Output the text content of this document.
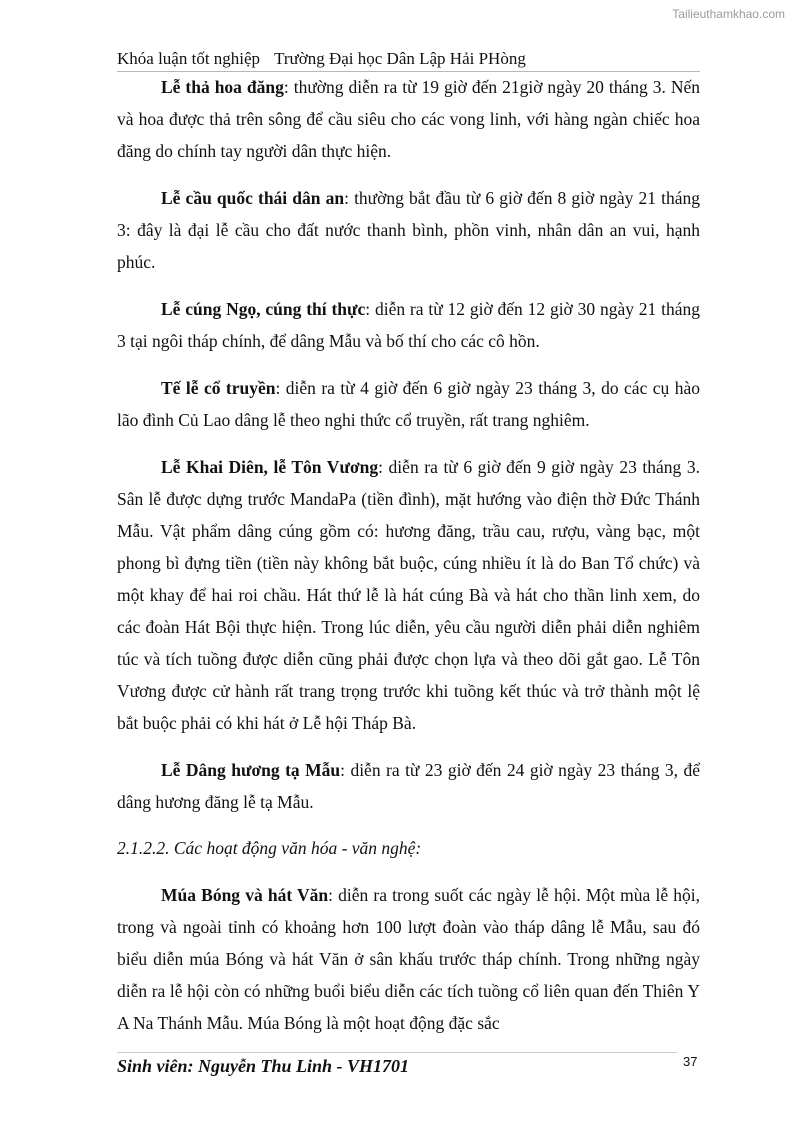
Tailieuthamkhao.com
Khóa luận tốt nghiệp Trường Đại học Dân Lập Hải PHòng

Lễ thả hoa đăng: thường diễn ra từ 19 giờ đến 21giờ ngày 20 tháng 3. Nến và hoa được thả trên sông để cầu siêu cho các vong linh, với hàng ngàn chiếc hoa đăng do chính tay người dân thực hiện.

Lễ cầu quốc thái dân an: thường bắt đầu từ 6 giờ đến 8 giờ ngày 21 tháng 3: đây là đại lễ cầu cho đất nước thanh bình, phồn vinh, nhân dân an vui, hạnh phúc.

Lễ cúng Ngọ, cúng thí thực: diễn ra từ 12 giờ đến 12 giờ 30 ngày 21 tháng 3 tại ngôi tháp chính, để dâng Mẫu và bố thí cho các cô hồn.

Tế lễ cổ truyền: diễn ra từ 4 giờ đến 6 giờ ngày 23 tháng 3, do các cụ hào lão đình Củ Lao dâng lễ theo nghi thức cổ truyền, rất trang nghiêm.

Lễ Khai Diên, lễ Tôn Vương: diễn ra từ 6 giờ đến 9 giờ ngày 23 tháng 3. Sân lễ được dựng trước MandaPa (tiền đình), mặt hướng vào điện thờ Đức Thánh Mẫu. Vật phẩm dâng cúng gồm có: hương đăng, trầu cau, rượu, vàng bạc, một phong bì đựng tiền (tiền này không bắt buộc, cúng nhiều ít là do Ban Tổ chức) và một khay để hai roi chầu. Hát thứ lễ là hát cúng Bà và hát cho thần linh xem, do các đoàn Hát Bội thực hiện. Trong lúc diễn, yêu cầu người diễn phải diễn nghiêm túc và tích tuồng được diễn cũng phải được chọn lựa và theo dõi gắt gao. Lễ Tôn Vương được cử hành rất trang trọng trước khi tuồng kết thúc và trở thành một lệ bắt buộc phải có khi hát ở Lễ hội Tháp Bà.

Lễ Dâng hương tạ Mẫu: diễn ra từ 23 giờ đến 24 giờ ngày 23 tháng 3, để dâng hương đăng lễ tạ Mẫu.

2.1.2.2. Các hoạt động văn hóa - văn nghệ:

Múa Bóng và hát Văn: diễn ra trong suốt các ngày lễ hội. Một mùa lễ hội, trong và ngoài tỉnh có khoảng hơn 100 lượt đoàn vào tháp dâng lễ Mẫu, sau đó biểu diễn múa Bóng và hát Văn ở sân khấu trước tháp chính. Trong những ngày diễn ra lễ hội còn có những buổi biểu diễn các tích tuồng cổ liên quan đến Thiên Y A Na Thánh Mẫu. Múa Bóng là một hoạt động đặc sắc

Sinh viên: Nguyễn Thu Linh - VH1701	37
